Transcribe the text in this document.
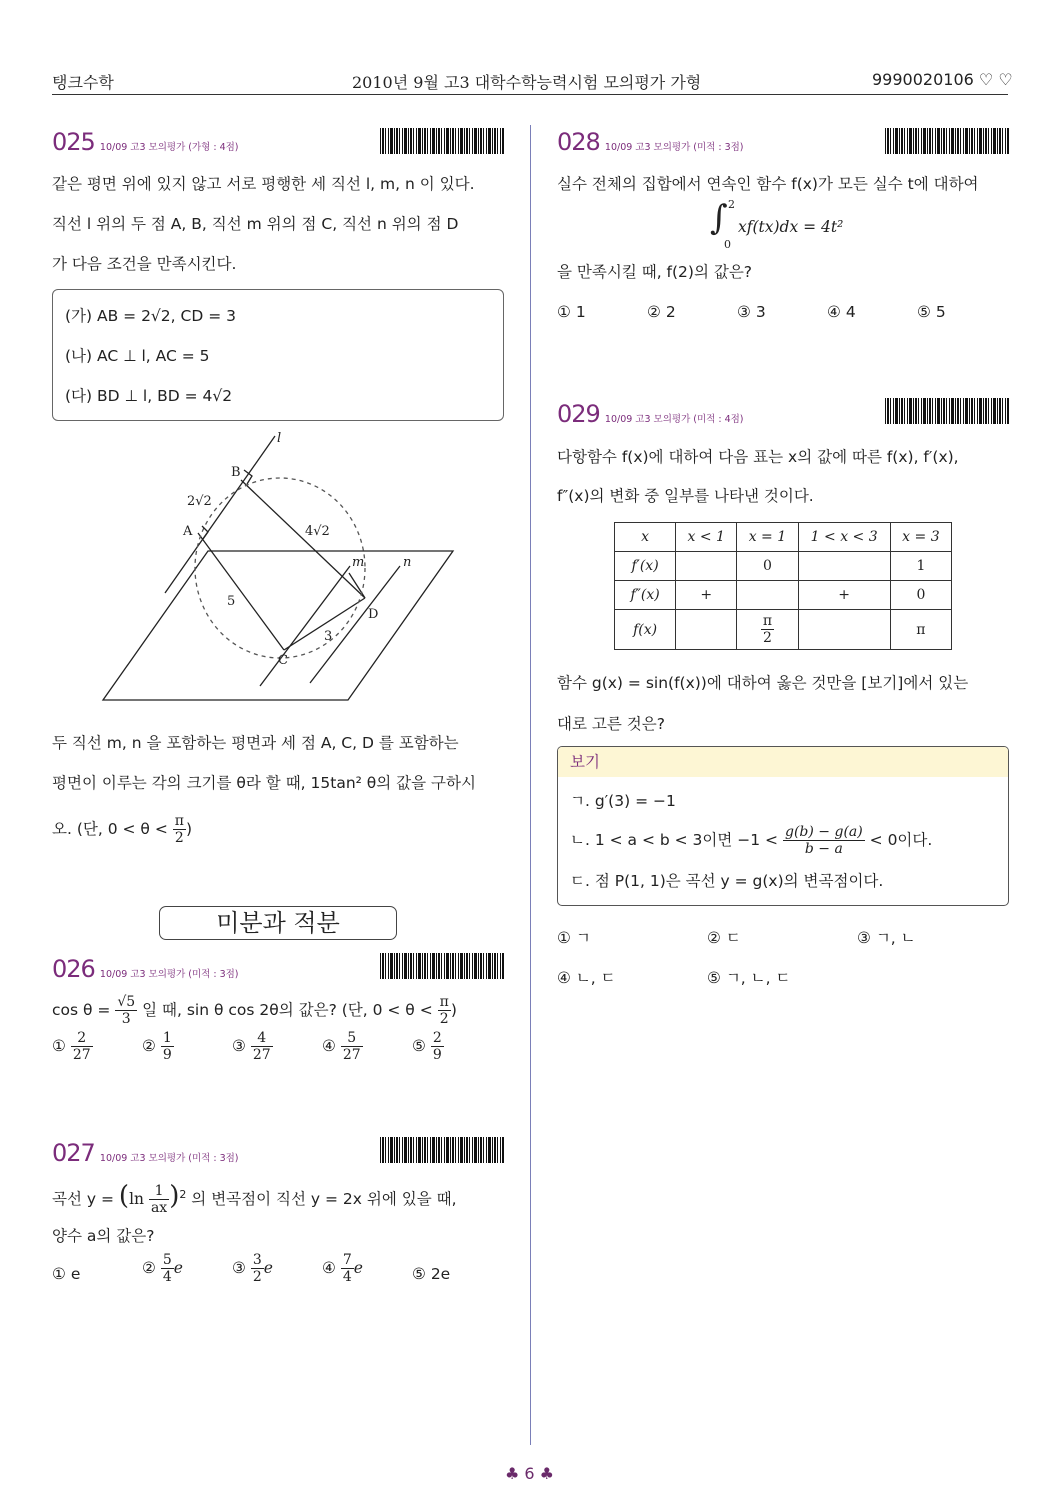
탱크수학	2010년 9월 고3 대학수학능력시험 모의평가 가형	9990020106 ♡ ♡
025 10/09 고3 모의평가 (가형 : 4점)
같은 평면 위에 있지 않고 서로 평행한 세 직선 l, m, n 이 있다.
직선 l 위의 두 점 A, B, 직선 m 위의 점 C, 직선 n 위의 점 D
가 다음 조건을 만족시킨다.
(가) AB = 2√2, CD = 3
(나) AC ⊥ l, AC = 5
(다) BD ⊥ l, BD = 4√2
l
m	n
B
A
C
D
2√2
4√2
5
3
두 직선 m, n 을 포함하는 평면과 세 점 A, C, D 를 포함하는
평면이 이루는 각의 크기를 θ라 할 때, 15tan² θ의 값을 구하시
오. (단, $0 < \theta < \frac{\pi}{2}$ )
미분과 적분
026 10/09 고3 모의평가 (미적 : 3점)
$\cos \theta = \frac{√5}{3}$ 일 때, sin θ cos 2θ의 값은? (단, $0 < \theta < \frac{\pi}{2}$ )
① $\frac{2}{27}$	② $\frac{1}{9}$	③ $\frac{4}{27}$	④ $\frac{5}{27}$	⑤ $\frac{2}{9}$
027 10/09 고3 모의평가 (미적 : 3점)
곡선 $y = (\ln \frac{1}{ax} )^2$ 의 변곡점이 직선 y = 2x 위에 있을 때,
양수 a의 값은?
① e	② $\frac{5}{4}$ e	③ $\frac{3}{2}$ e	④ $\frac{7}{4}$ e	⑤ 2e
028 10/09 고3 모의평가 (미적 : 3점)
실수 전체의 집합에서 연속인 함수 f(x)가 모든 실수 t에 대하여
∫ 2
0
xf(tx)dx = 4t²
을 만족시킬 때, f(2)의 값은?
① 1	② 2	③ 3	④ 4	⑤ 5
029 10/09 고3 모의평가 (미적 : 4점)
다항함수 f(x)에 대하여 다음 표는 x의 값에 따른 f(x), f′(x),
f″(x)의 변화 중 일부를 나타낸 것이다.
x	x < 1	x = 1	1 < x < 3	x = 3
f′(x)		0		1
f″(x)	+		+	0
f(x)		$\frac{\pi}{2}$		π
함수 g(x) = sin(f(x))에 대하여 옳은 것만을 [보기]에서 있는
대로 고른 것은?
보기
ㄱ. g′(3) = −1
ㄴ. 1 < a < b < 3이면 $-1 < \frac{g(b) - g(a)}{b - a} < 0$이다.
ㄷ. 점 P(1, 1)은 곡선 y = g(x)의 변곡점이다.
① ㄱ	② ㄷ	③ ㄱ, ㄴ
④ ㄴ, ㄷ	⑤ ㄱ, ㄴ, ㄷ
♣ 6 ♣
